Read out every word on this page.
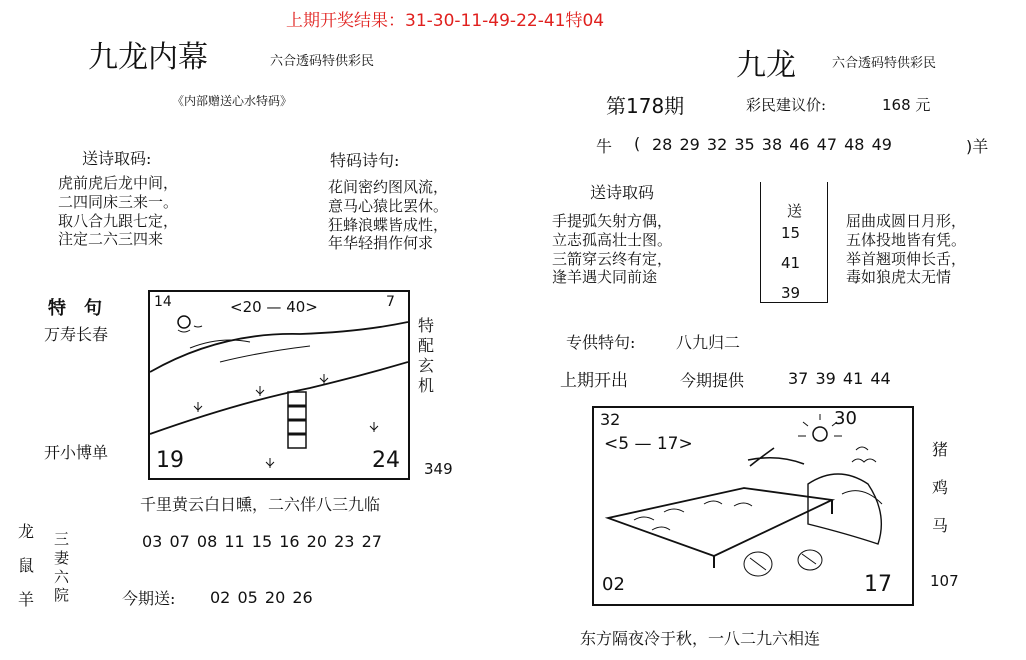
上期开奖结果：31-30-11-49-22-41特04
九龙内幕	六合透码特供彩民
《内部赠送心水特码》
送诗取码:
虎前虎后龙中间，
二四同床三来一。
取八合九跟七定，
注定二六三四来
特码诗句:
花间密约图风流，
意马心猿比罢休。
狂蜂浪蝶皆成性，
年华轻捐作何求
特　句
万寿长春
开小博单
14	<20 — 40>	7
19	24
特
配
玄
机
349
千里黄云白日曛，二六伴八三九临
03 07 08 11 15 16 20 23 27
龙
鼠
羊
三
妻
六
院	今期送: 02 05 20 26
九龙	六合透码特供彩民
第178期	彩民建议价:	168 元
牛 ( 28 29 32 35 38 46 47 48 49	)羊
送诗取码
手提弧矢射方偶，
立志孤高壮士图。
三箭穿云终有定，
逢羊遇犬同前途
送
15
41
39
屈曲成圆日月形，
五体投地皆有凭。
举首翘项伸长舌，
毒如狼虎太无情
专供特句:	八九归二
上期开出	今期提供	37 39 41 44
32
<5 — 17>
30
02	17
猪
鸡
马
107
东方隔夜冷于秋，一八二九六相连
